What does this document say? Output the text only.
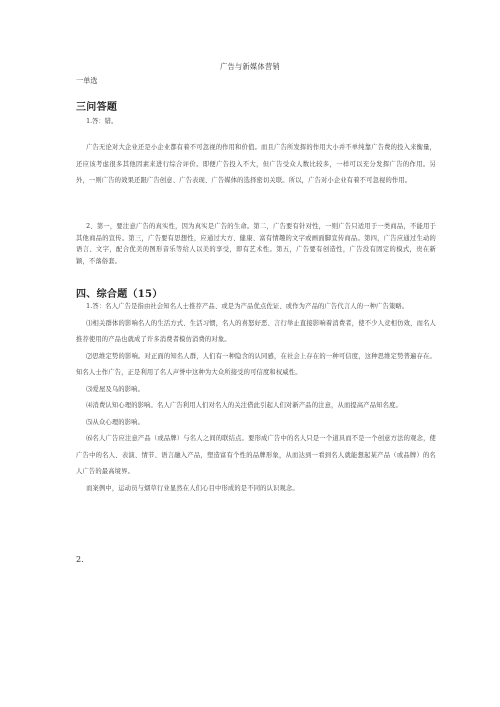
广告与新媒体营销
一单选
三问答题

1.答：错。

广告无论对大企业还是小企业都有着不可忽视的作用和价值。而且广告所发挥的作用大小并不单纯靠广告费的投入来衡量，还应该考虑很多其他因素来进行综合评价。即便广告投入不大，但广告受众人数比较多，一样可以充分发挥广告的作用。另外，一则广告的效果还跟广告创意、广告表现、广告媒体的选择密切关联。所以，广告对小企业有着不可忽视的作用。

2、第一，要注意广告的真实性，因为真实是广告的生命。第二，广告要有针对性，一则广告只适用于一类商品，不能用于其他商品的宣传。第三，广告要有思想性，应通过大方、健康、富有情趣的文字或画面脚宣传商品。第四，广告应通过生动的语言、文字，配合优美的图形音乐等给人以美的享受，即有艺术性。第五，广告要有创造性，广告没有固定的模式，贵在新颖，不落俗套。

四、综合题（15）

1.答：名人广告是指由社会知名人士推荐产品、或是为产品优点佐证、或作为产品的广告代言人的一种广告策略。

⑴相关群体的影响名人的生活方式、生活习惯，名人的喜怒好恶、言行举止直接影响着消费者，使不少人竞相仿效，而名人推荐使用的产品也就成了许多消费者模仿消费的对象。

⑵思维定势的影响。对正面的知名人群，人们有一种隐含的认同感，在社会上存在的一种可信度，这种思维定势普遍存在。知名人士作广告，正是利用了名人声誉中这种为大众所接受的可信度和权威性。

⑶爱屋及乌的影响。

⑷消费认知心理的影响。名人广告利用人们对名人的关注借此引起人们对新产品的注意，从而提高产品知名度。

⑸从众心理的影响。

⑹名人广告应注意产品（或品牌）与名人之间的联结点。要形成广告中的名人只是一个道具而不是一个创意方法的观念，使广告中的名人、表演、情节、语言融入产品，塑造富有个性的品牌形象，从而达到一看到名人就能想起某产品（或品牌）的名人广告的最高境界。

而案例中，运动员与烟草行业显然在人们心目中形成的是不同的认识观念。

2.
